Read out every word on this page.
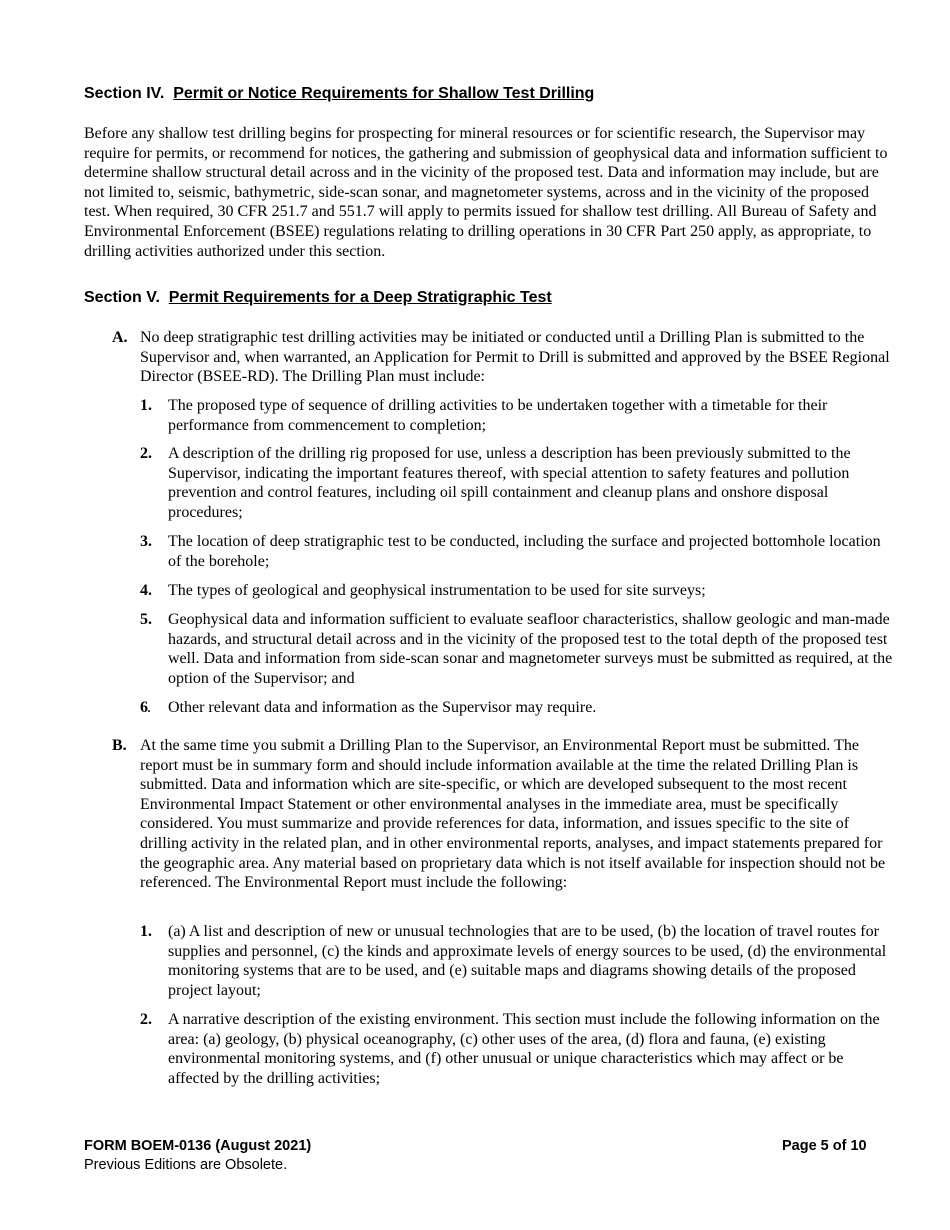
Section IV. Permit or Notice Requirements for Shallow Test Drilling

Before any shallow test drilling begins for prospecting for mineral resources or for scientific research, the Supervisor may require for permits, or recommend for notices, the gathering and submission of geophysical data and information sufficient to determine shallow structural detail across and in the vicinity of the proposed test. Data and information may include, but are not limited to, seismic, bathymetric, side-scan sonar, and magnetometer systems, across and in the vicinity of the proposed test. When required, 30 CFR 251.7 and 551.7 will apply to permits issued for shallow test drilling. All Bureau of Safety and Environmental Enforcement (BSEE) regulations relating to drilling operations in 30 CFR Part 250 apply, as appropriate, to drilling activities authorized under this section.

Section V. Permit Requirements for a Deep Stratigraphic Test
A. No deep stratigraphic test drilling activities may be initiated or conducted until a Drilling Plan is submitted to the Supervisor and, when warranted, an Application for Permit to Drill is submitted and approved by the BSEE Regional Director (BSEE-RD). The Drilling Plan must include:

1. The proposed type of sequence of drilling activities to be undertaken together with a timetable for their performance from commencement to completion;

2. A description of the drilling rig proposed for use, unless a description has been previously submitted to the Supervisor, indicating the important features thereof, with special attention to safety features and pollution prevention and control features, including oil spill containment and cleanup plans and onshore disposal procedures;

3. The location of deep stratigraphic test to be conducted, including the surface and projected bottomhole location of the borehole;

4. The types of geological and geophysical instrumentation to be used for site surveys;

5. Geophysical data and information sufficient to evaluate seafloor characteristics, shallow geologic and man-made hazards, and structural detail across and in the vicinity of the proposed test to the total depth of the proposed test well. Data and information from side-scan sonar and magnetometer surveys must be submitted as required, at the option of the Supervisor; and

6 . Other relevant data and information as the Supervisor may require.

B. At the same time you submit a Drilling Plan to the Supervisor, an Environmental Report must be submitted. The report must be in summary form and should include information available at the time the related Drilling Plan is submitted. Data and information which are site-specific, or which are developed subsequent to the most recent Environmental Impact Statement or other environmental analyses in the immediate area, must be specifically considered. You must summarize and provide references for data, information, and issues specific to the site of drilling activity in the related plan, and in other environmental reports, analyses, and impact statements prepared for the geographic area. Any material based on proprietary data which is not itself available for inspection should not be referenced. The Environmental Report must include the following:

1. (a) A list and description of new or unusual technologies that are to be used, (b) the location of travel routes for supplies and personnel, (c) the kinds and approximate levels of energy sources to be used, (d) the environmental monitoring systems that are to be used, and (e) suitable maps and diagrams showing details of the proposed project layout;

2. A narrative description of the existing environment. This section must include the following information on the area: (a) geology, (b) physical oceanography, (c) other uses of the area, (d) flora and fauna, (e) existing environmental monitoring systems, and (f) other unusual or unique characteristics which may affect or be affected by the drilling activities;

FORM BOEM-0136 (August 2021)
Previous Editions are Obsolete.
Page 5 of 10
